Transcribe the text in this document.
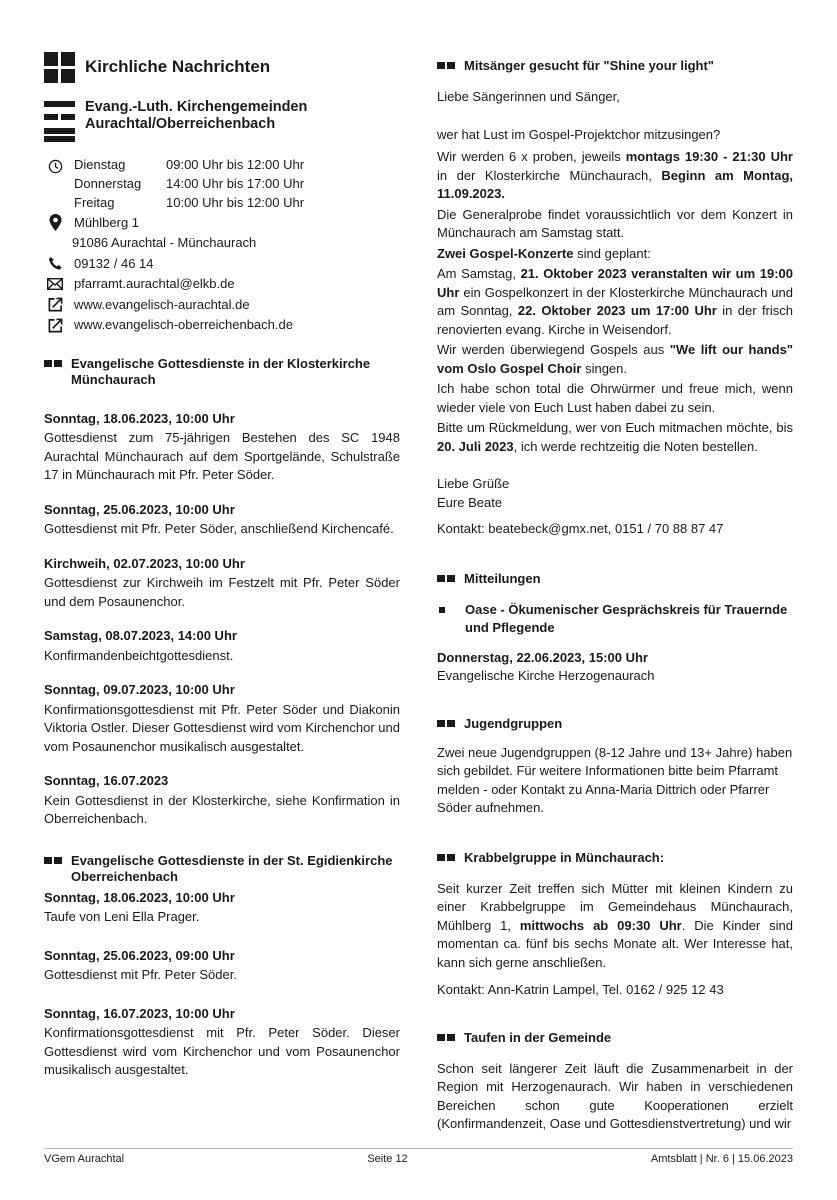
Kirchliche Nachrichten
Evang.-Luth. Kirchengemeinden
Aurachtal/Oberreichenbach
Dienstag	09:00 Uhr bis 12:00 Uhr
Donnerstag	14:00 Uhr bis 17:00 Uhr
Freitag	10:00 Uhr bis 12:00 Uhr
Mühlberg 1
91086 Aurachtal - Münchaurach
09132 / 46 14
pfarramt.aurachtal@elkb.de
www.evangelisch-aurachtal.de
www.evangelisch-oberreichenbach.de
Evangelische Gottesdienste in der Klosterkirche Münchaurach
Sonntag, 18.06.2023, 10:00 Uhr

Gottesdienst zum 75-jährigen Bestehen des SC 1948 Aurachtal Münchaurach auf dem Sportgelände, Schulstraße 17 in Münchaurach mit Pfr. Peter Söder.

Sonntag, 25.06.2023, 10:00 Uhr

Gottesdienst mit Pfr. Peter Söder, anschließend Kirchencafé.

Kirchweih, 02.07.2023, 10:00 Uhr

Gottesdienst zur Kirchweih im Festzelt mit Pfr. Peter Söder und dem Posaunenchor.

Samstag, 08.07.2023, 14:00 Uhr

Konfirmandenbeichtgottesdienst.

Sonntag, 09.07.2023, 10:00 Uhr

Konfirmationsgottesdienst mit Pfr. Peter Söder und Diakonin Viktoria Ostler. Dieser Gottesdienst wird vom Kirchenchor und vom Posaunenchor musikalisch ausgestaltet.

Sonntag, 16.07.2023

Kein Gottesdienst in der Klosterkirche, siehe Konfirmation in Oberreichenbach.

Evangelische Gottesdienste in der St. Egidienkirche Oberreichenbach
Sonntag, 18.06.2023, 10:00 Uhr

Taufe von Leni Ella Prager.

Sonntag, 25.06.2023, 09:00 Uhr

Gottesdienst mit Pfr. Peter Söder.

Sonntag, 16.07.2023, 10:00 Uhr

Konfirmationsgottesdienst mit Pfr. Peter Söder. Dieser Gottesdienst wird vom Kirchenchor und vom Posaunenchor musikalisch ausgestaltet.

Mitsänger gesucht für "Shine your light"

Liebe Sängerinnen und Sänger,

wer hat Lust im Gospel-Projektchor mitzusingen?

Wir werden 6 x proben, jeweils montags 19:30 - 21:30 Uhr in der Klosterkirche Münchaurach, Beginn am Montag, 11.09.2023.

Die Generalprobe findet voraussichtlich vor dem Konzert in Münchaurach am Samstag statt.

Zwei Gospel-Konzerte sind geplant:

Am Samstag, 21. Oktober 2023 veranstalten wir um 19:00 Uhr ein Gospelkonzert in der Klosterkirche Münchaurach und am Sonntag, 22. Oktober 2023 um 17:00 Uhr in der frisch renovierten evang. Kirche in Weisendorf.

Wir werden überwiegend Gospels aus "We lift our hands" vom Oslo Gospel Choir singen.

Ich habe schon total die Ohrwürmer und freue mich, wenn wieder viele von Euch Lust haben dabei zu sein.

Bitte um Rückmeldung, wer von Euch mitmachen möchte, bis 20. Juli 2023, ich werde rechtzeitig die Noten bestellen.

Liebe Grüße

Eure Beate

Kontakt: beatebeck@gmx.net, 0151 / 70 88 87 47

Mitteilungen
Oase - Ökumenischer Gesprächskreis für Trauernde und Pflegende
Donnerstag, 22.06.2023, 15:00 Uhr
Evangelische Kirche Herzogenaurach
Jugendgruppen

Zwei neue Jugendgruppen (8-12 Jahre und 13+ Jahre) haben sich gebildet. Für weitere Informationen bitte beim Pfarramt melden - oder Kontakt zu Anna-Maria Dittrich oder Pfarrer Söder aufnehmen.

Krabbelgruppe in Münchaurach:

Seit kurzer Zeit treffen sich Mütter mit kleinen Kindern zu einer Krabbelgruppe im Gemeindehaus Münchaurach, Mühlberg 1, mittwochs ab 09:30 Uhr. Die Kinder sind momentan ca. fünf bis sechs Monate alt. Wer Interesse hat, kann sich gerne anschließen.

Kontakt: Ann-Katrin Lampel, Tel. 0162 / 925 12 43

Taufen in der Gemeinde

Schon seit längerer Zeit läuft die Zusammenarbeit in der Region mit Herzogenaurach. Wir haben in verschiedenen Bereichen schon gute Kooperationen erzielt (Konfirmandenzeit, Oase und Gottesdienstvertretung) und wir

VGem Aurachtal	Seite 12	Amtsblatt | Nr. 6 | 15.06.2023
